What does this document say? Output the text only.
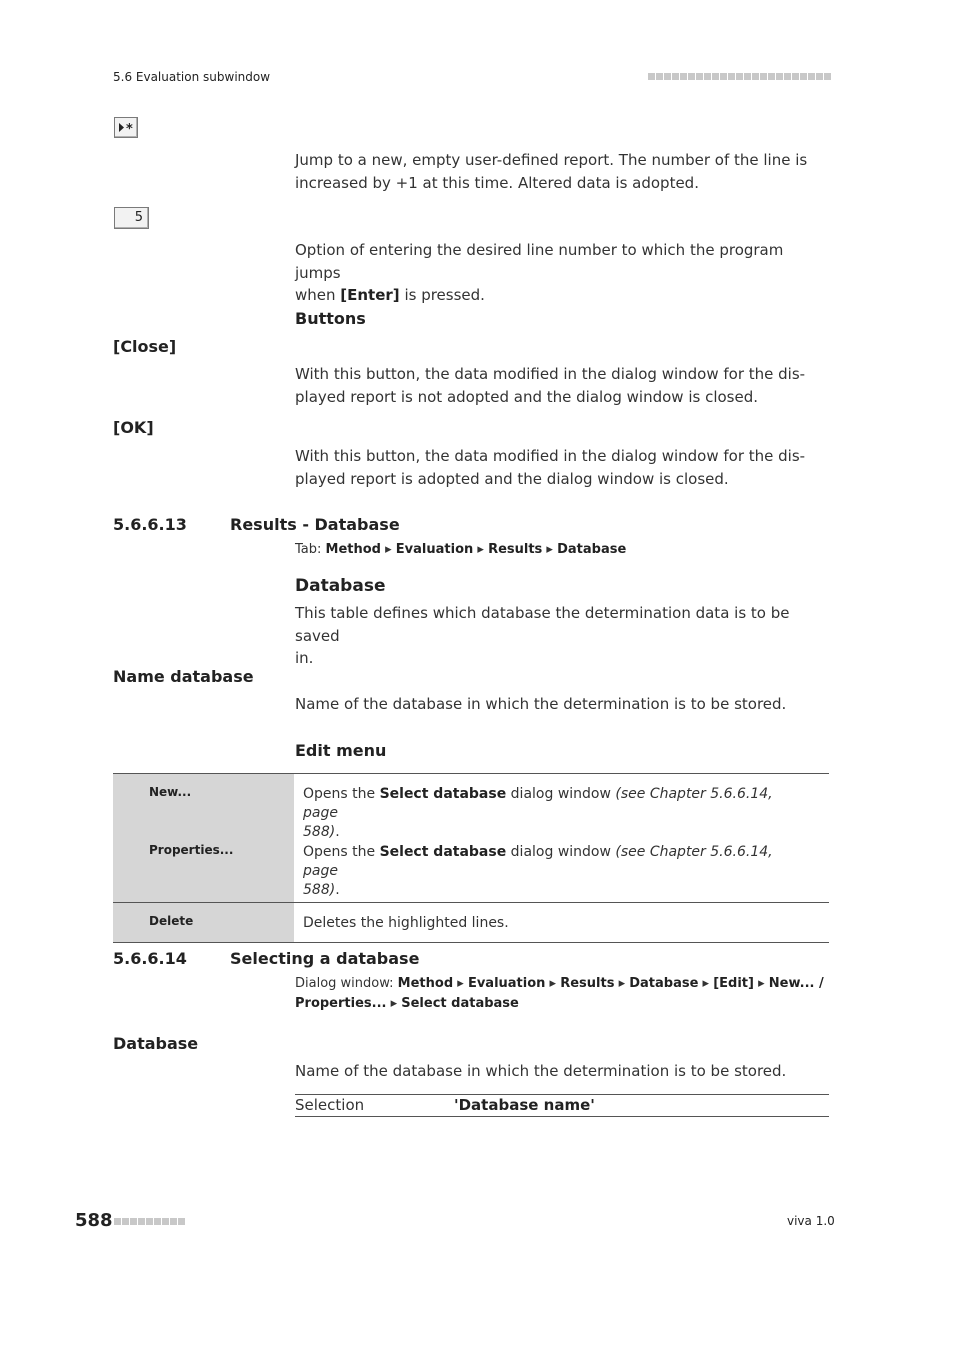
5.6 Evaluation subwindow
*
Jump to a new, empty user-defined report. The number of the line is
increased by +1 at this time. Altered data is adopted.
5
Option of entering the desired line number to which the program jumps
when [Enter] is pressed.
Buttons
[Close]
With this button, the data modified in the dialog window for the dis-
played report is not adopted and the dialog window is closed.
[OK]
With this button, the data modified in the dialog window for the dis-
played report is adopted and the dialog window is closed.
5.6.6.13	Results - Database
Tab: Method ▸ Evaluation ▸ Results ▸ Database
Database
This table defines which database the determination data is to be saved
in.
Name database
Name of the database in which the determination is to be stored.
Edit menu
New...	Opens the Select database dialog window (see Chapter 5.6.6.14, page
588).
Properties...	Opens the Select database dialog window (see Chapter 5.6.6.14, page
588).
Delete	Deletes the highlighted lines.
5.6.6.14	Selecting a database
Dialog window: Method ▸ Evaluation ▸ Results ▸ Database ▸ [Edit] ▸ New... /
Properties... ▸ Select database
Database
Name of the database in which the determination is to be stored.
Selection	'Database name'
588	viva 1.0
